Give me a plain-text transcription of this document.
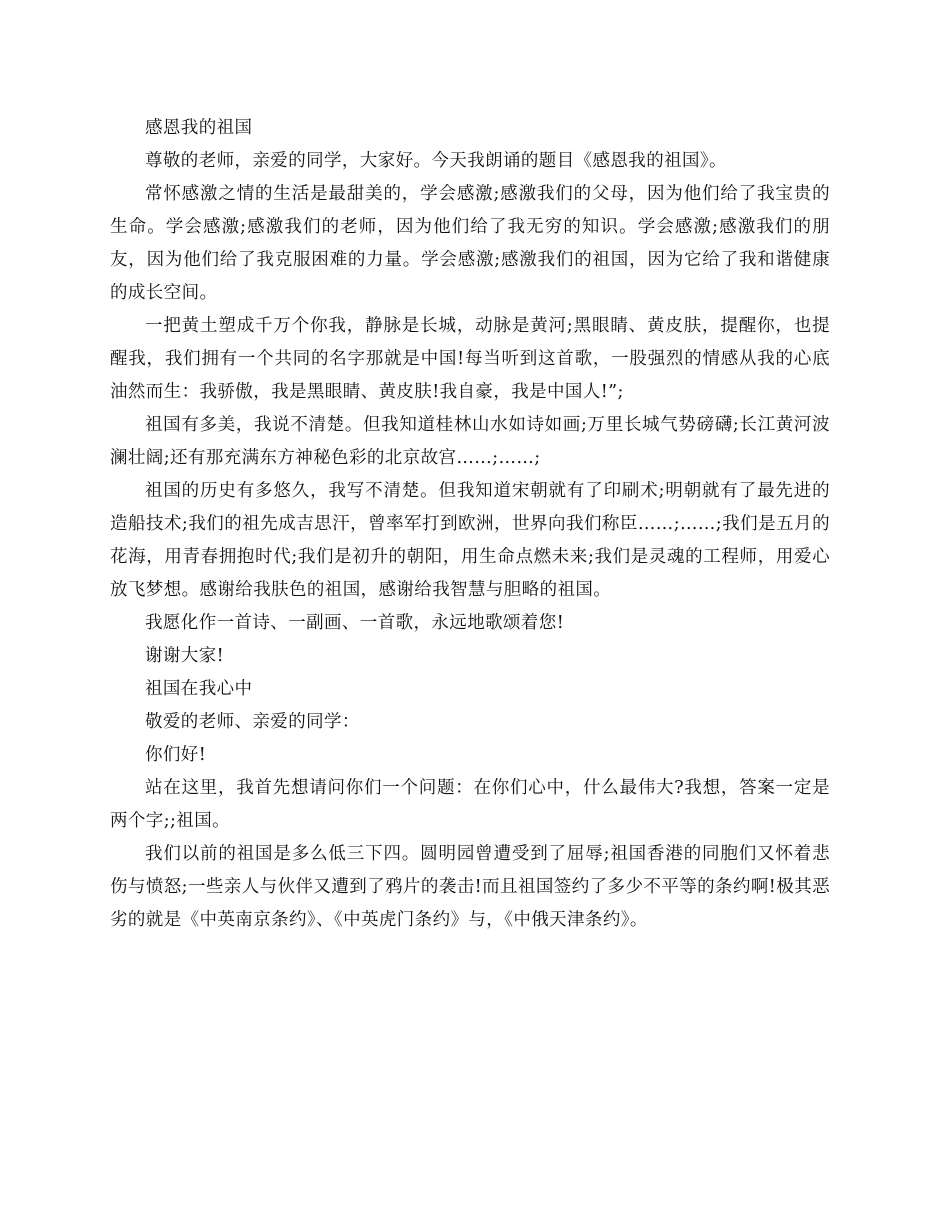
感恩我的祖国

尊敬的老师，亲爱的同学，大家好。今天我朗诵的题目《感恩我的祖国》。

常怀感激之情的生活是最甜美的，学会感激;感激我们的父母，因为他们给了我宝贵的生命。学会感激;感激我们的老师，因为他们给了我无穷的知识。学会感激;感激我们的朋友，因为他们给了我克服困难的力量。学会感激;感激我们的祖国，因为它给了我和谐健康的成长空间。

一把黄土塑成千万个你我，静脉是长城，动脉是黄河;黑眼睛、黄皮肤，提醒你，也提醒我，我们拥有一个共同的名字那就是中国!每当听到这首歌，一股强烈的情感从我的心底油然而生：我骄傲，我是黑眼睛、黄皮肤!我自豪，我是中国人!”;

祖国有多美，我说不清楚。但我知道桂林山水如诗如画;万里长城气势磅礴;长江黄河波澜壮阔;还有那充满东方神秘色彩的北京故宫……;……;

祖国的历史有多悠久，我写不清楚。但我知道宋朝就有了印刷术;明朝就有了最先进的造船技术;我们的祖先成吉思汗，曾率军打到欧洲，世界向我们称臣……;……;我们是五月的花海，用青春拥抱时代;我们是初升的朝阳，用生命点燃未来;我们是灵魂的工程师，用爱心放飞梦想。感谢给我肤色的祖国，感谢给我智慧与胆略的祖国。

我愿化作一首诗、一副画、一首歌，永远地歌颂着您!

谢谢大家!

祖国在我心中

敬爱的老师、亲爱的同学：

你们好!

站在这里，我首先想请问你们一个问题：在你们心中，什么最伟大?我想，答案一定是两个字;;祖国。

我们以前的祖国是多么低三下四。圆明园曾遭受到了屈辱;祖国香港的同胞们又怀着悲伤与愤怒;一些亲人与伙伴又遭到了鸦片的袭击!而且祖国签约了多少不平等的条约啊!极其恶劣的就是《中英南京条约》、《中英虎门条约》与，《中俄天津条约》。
